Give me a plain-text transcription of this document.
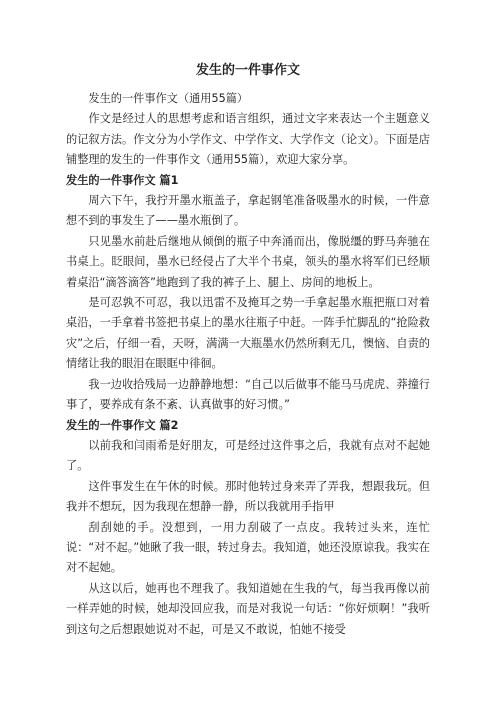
发生的一件事作文

发生的一件事作文（通用55篇）

作文是经过人的思想考虑和语言组织，通过文字来表达一个主题意义的记叙方法。作文分为小学作文、中学作文、大学作文（论文）。下面是店铺整理的发生的一件事作文（通用55篇），欢迎大家分享。

发生的一件事作文 篇1

周六下午，我拧开墨水瓶盖子，拿起钢笔准备吸墨水的时候，一件意想不到的事发生了——墨水瓶倒了。

只见墨水前赴后继地从倾倒的瓶子中奔涌而出，像脱缰的野马奔驰在书桌上。眨眼间，墨水已经侵占了大半个书桌，领头的墨水将军们已经顺着桌沿“滴答滴答”地跑到了我的裤子上、腿上、房间的地板上。

是可忍孰不可忍，我以迅雷不及掩耳之势一手拿起墨水瓶把瓶口对着桌沿，一手拿着书签把书桌上的墨水往瓶子中赶。一阵手忙脚乱的“抢险救灾”之后，仔细一看，天呀，满满一大瓶墨水仍然所剩无几，懊恼、自责的情绪让我的眼泪在眼眶中徘徊。

我一边收拾残局一边静静地想：“自己以后做事不能马马虎虎、莽撞行事了，要养成有条不紊、认真做事的好习惯。”

发生的一件事作文 篇2

以前我和闫雨希是好朋友，可是经过这件事之后，我就有点对不起她了。

这件事发生在午休的时候。那时他转过身来弄了弄我，想跟我玩。但我并不想玩，因为我现在想静一静，所以我就用手指甲

刮刮她的手。没想到，一用力刮破了一点皮。我转过头来，连忙说：“对不起。”她瞅了我一眼，转过身去。我知道，她还没原谅我。我实在对不起她。

从这以后，她再也不理我了。我知道她在生我的气，每当我再像以前一样弄她的时候，她却没回应我，而是对我说一句话：“你好烦啊！”我听到这句之后想跟她说对不起，可是又不敢说，怕她不接受
